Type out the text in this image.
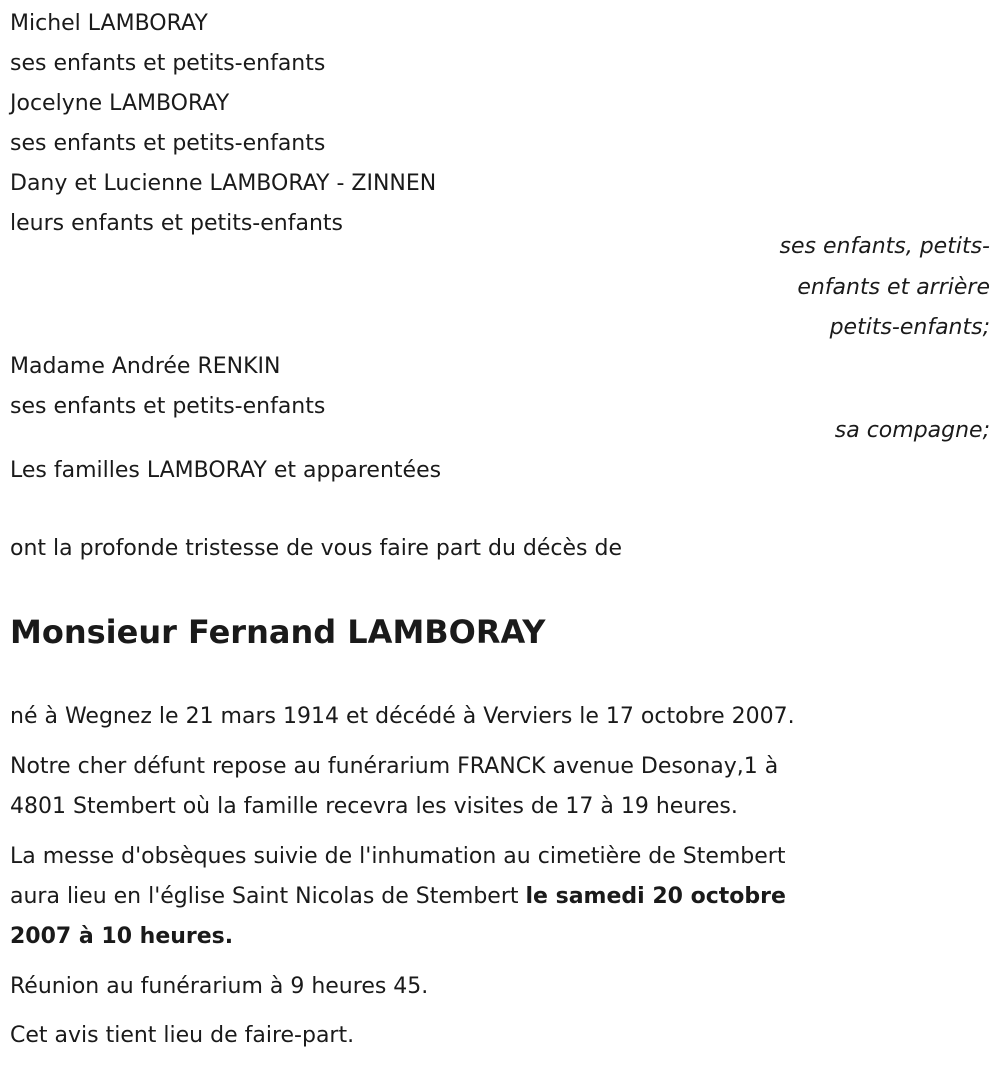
Michel LAMBORAY
ses enfants et petits-enfants
Jocelyne LAMBORAY
ses enfants et petits-enfants
Dany et Lucienne LAMBORAY - ZINNEN
leurs enfants et petits-enfants
ses enfants, petits-
enfants et arrière
petits-enfants;
Madame Andrée RENKIN
ses enfants et petits-enfants
sa compagne;
Les familles LAMBORAY et apparentées
ont la profonde tristesse de vous faire part du décès de
Monsieur Fernand LAMBORAY
né à Wegnez le 21 mars 1914 et décédé à Verviers le 17 octobre 2007.
Notre cher défunt repose au funérarium FRANCK avenue Desonay,1 à
4801 Stembert où la famille recevra les visites de 17 à 19 heures.
La messe d'obsèques suivie de l'inhumation au cimetière de Stembert
aura lieu en l'église Saint Nicolas de Stembert le samedi 20 octobre
2007 à 10 heures.
Réunion au funérarium à 9 heures 45.
Cet avis tient lieu de faire-part.
